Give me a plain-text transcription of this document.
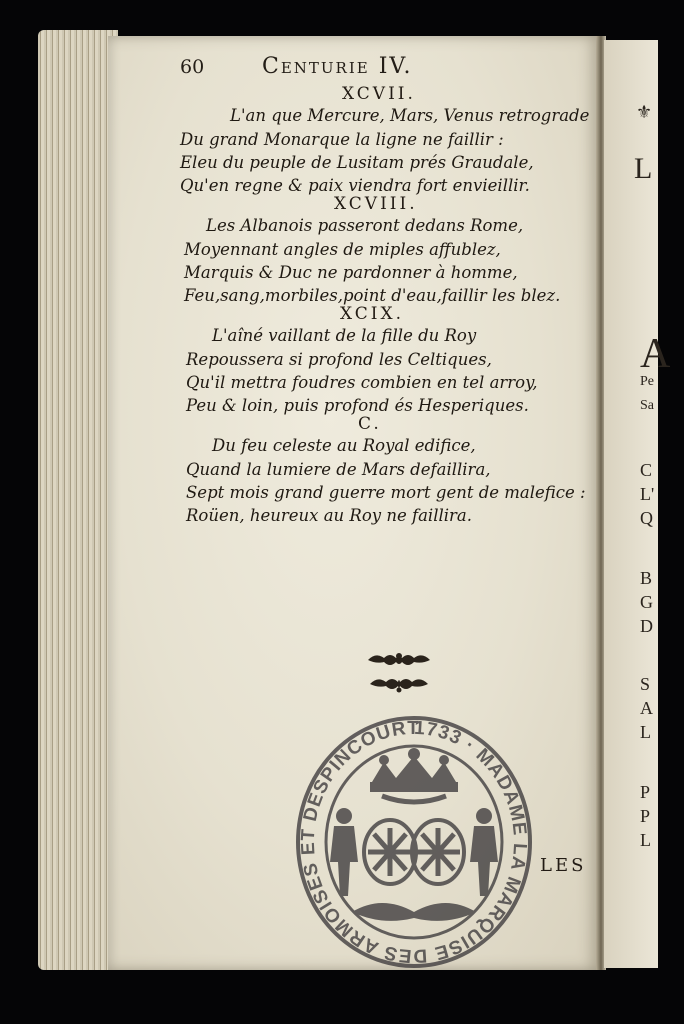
⚜
L
A
Pe
Sa
C
L'
Q
B
G
D
S
A
L
P
P
L
60	Centurie IV.
XCVII.
L'an que Mercure, Mars, Venus retrograde
Du grand Monarque la ligne ne faillir :
Eleu du peuple de Lusitam prés Graudale,
Qu'en regne & paix viendra fort envieillir.
XCVIII.
Les Albanois passeront dedans Rome,
Moyennant angles de miples affublez,
Marquis & Duc ne pardonner à homme,
Feu,sang,morbiles,point d'eau,faillir les blez.
XCIX.
L'aîné vaillant de la fille du Roy
Repoussera si profond les Celtiques,
Qu'il mettra foudres combien en tel arroy,
Peu & loin, puis profond és Hesperiques.
C.
Du feu celeste au Royal edifice,
Quand la lumiere de Mars defaillira,
Sept mois grand guerre mort gent de malefice :
Roüen, heureux au Roy ne faillira.
1733 · MADAME LA MARQUISE DES ARMOISES ET DESPINCOURT
LES
